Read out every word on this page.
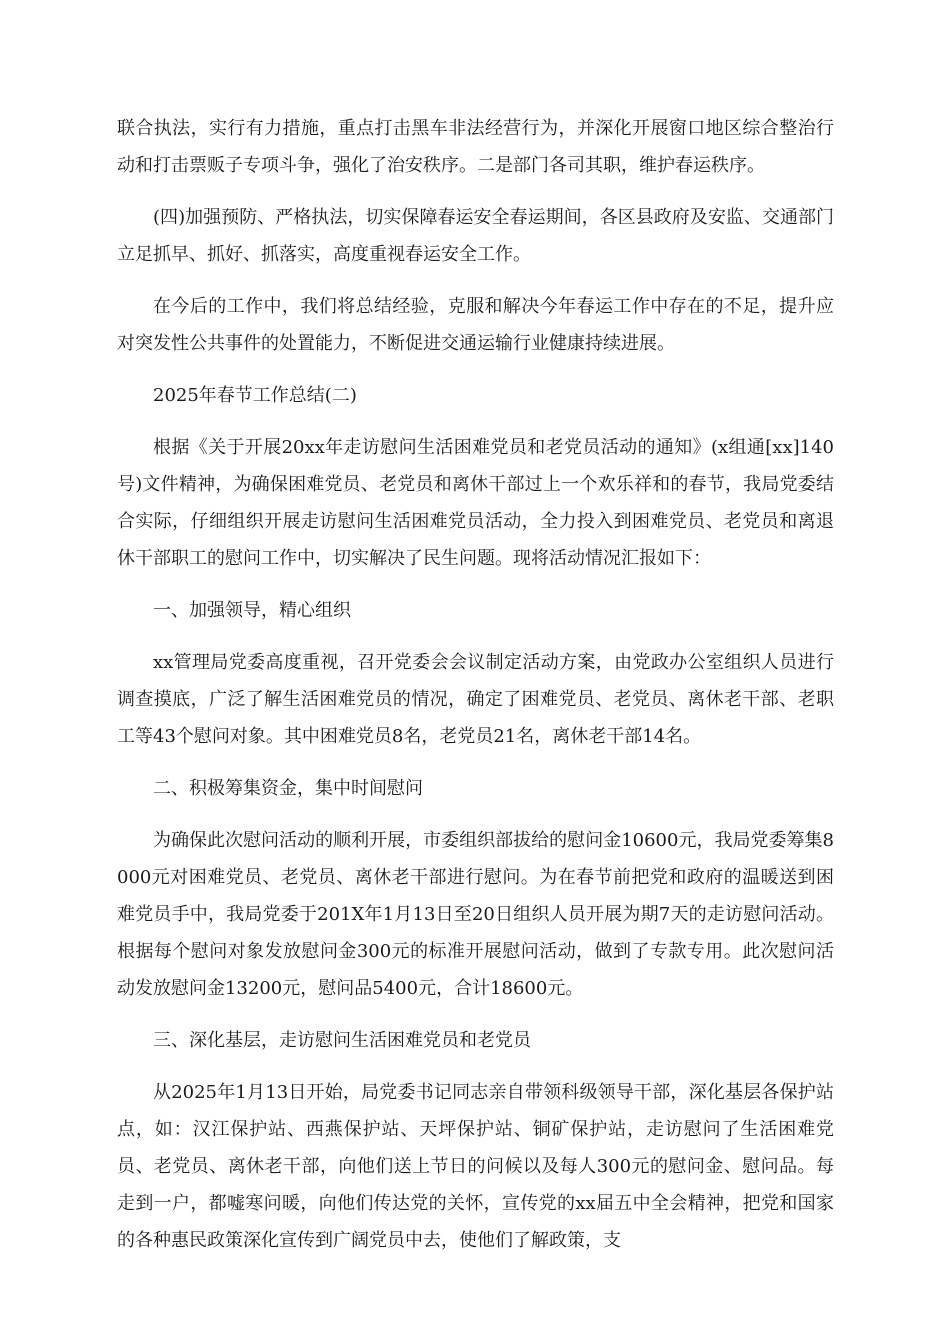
联合执法，实行有力措施，重点打击黑车非法经营行为，并深化开展窗口地区综合整治行动和打击票贩子专项斗争，强化了治安秩序。二是部门各司其职，维护春运秩序。

(四)加强预防、严格执法，切实保障春运安全春运期间，各区县政府及安监、交通部门立足抓早、抓好、抓落实，高度重视春运安全工作。

在今后的工作中，我们将总结经验，克服和解决今年春运工作中存在的不足，提升应对突发性公共事件的处置能力，不断促进交通运输行业健康持续进展。

2025年春节工作总结(二)

根据《关于开展20xx年走访慰问生活困难党员和老党员活动的通知》(x组通[xx]140号)文件精神，为确保困难党员、老党员和离休干部过上一个欢乐祥和的春节，我局党委结合实际，仔细组织开展走访慰问生活困难党员活动，全力投入到困难党员、老党员和离退休干部职工的慰问工作中，切实解决了民生问题。现将活动情况汇报如下：

一、加强领导，精心组织

xx管理局党委高度重视，召开党委会会议制定活动方案，由党政办公室组织人员进行调查摸底，广泛了解生活困难党员的情况，确定了困难党员、老党员、离休老干部、老职工等43个慰问对象。其中困难党员8名，老党员21名，离休老干部14名。

二、积极筹集资金，集中时间慰问

为确保此次慰问活动的顺利开展，市委组织部拔给的慰问金10600元，我局党委筹集8000元对困难党员、老党员、离休老干部进行慰问。为在春节前把党和政府的温暖送到困难党员手中，我局党委于201X年1月13日至20日组织人员开展为期7天的走访慰问活动。根据每个慰问对象发放慰问金300元的标准开展慰问活动，做到了专款专用。此次慰问活动发放慰问金13200元，慰问品5400元，合计18600元。

三、深化基层，走访慰问生活困难党员和老党员

从2025年1月13日开始，局党委书记同志亲自带领科级领导干部，深化基层各保护站点，如：汉江保护站、西燕保护站、天坪保护站、铜矿保护站，走访慰问了生活困难党员、老党员、离休老干部，向他们送上节日的问候以及每人300元的慰问金、慰问品。每走到一户，都嘘寒问暖，向他们传达党的关怀，宣传党的xx届五中全会精神，把党和国家的各种惠民政策深化宣传到广阔党员中去，使他们了解政策，支
